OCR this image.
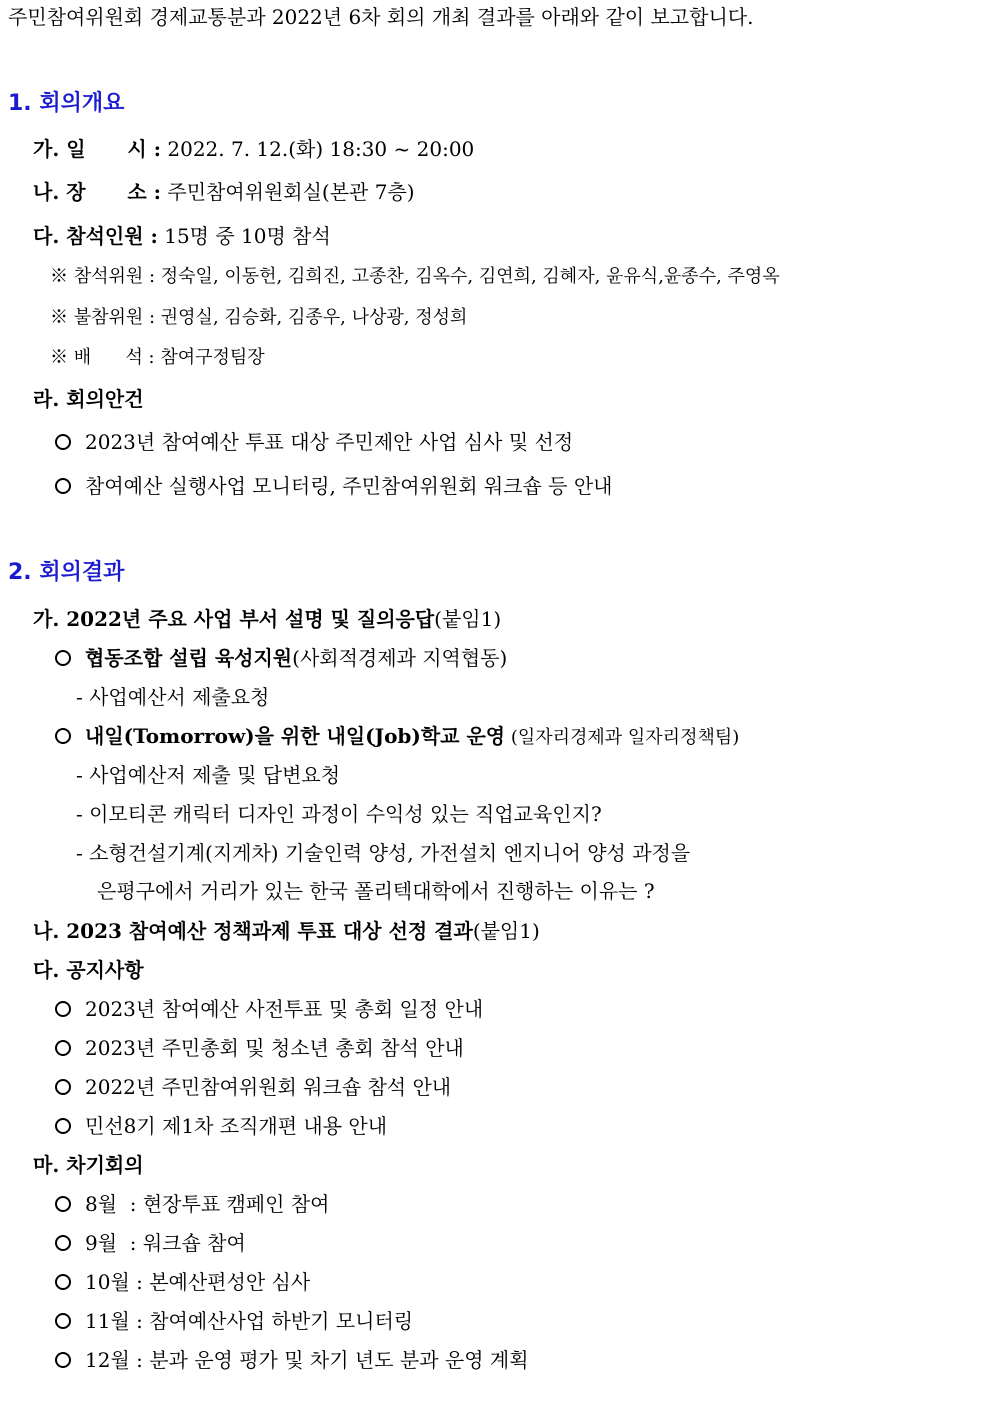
주민참여위원회 경제교통분과 2022년 6차 회의 개최 결과를 아래와 같이 보고합니다.
1. 회의개요
가. 일      시 : 2022. 7. 12.(화) 18:30 ~ 20:00
나. 장      소 : 주민참여위원회실(본관 7층)
다. 참석인원 : 15명 중 10명 참석
※ 참석위원 : 정숙일, 이동헌, 김희진, 고종찬, 김옥수, 김연희, 김혜자, 윤유식,윤종수, 주영옥
※ 불참위원 : 권영실, 김승화, 김종우, 나상광, 정성희
※ 배      석 : 참여구정팀장
라. 회의안건
2023년 참여예산 투표 대상 주민제안 사업 심사 및 선정
참여예산 실행사업 모니터링, 주민참여위원회 워크숍 등 안내
2. 회의결과
가. 2022년 주요 사업 부서 설명 및 질의응답(붙임1)
협동조합 설립 육성지원(사회적경제과 지역협동)
- 사업예산서 제출요청
내일(Tomorrow)을 위한 내일(Job)학교 운영 (일자리경제과 일자리정책팀)
- 사업예산저 제출 및 답변요청
- 이모티콘 캐릭터 디자인 과정이 수익성 있는 직업교육인지?
- 소형건설기계(지게차) 기술인력 양성, 가전설치 엔지니어 양성 과정을
은평구에서 거리가 있는 한국 폴리텍대학에서 진행하는 이유는 ?
나. 2023 참여예산 정책과제 투표 대상 선정 결과(붙임1)
다. 공지사항
2023년 참여예산 사전투표 및 총회 일정 안내
2023년 주민총회 및 청소년 총회 참석 안내
2022년 주민참여위원회 워크숍 참석 안내
민선8기 제1차 조직개편 내용 안내
마. 차기회의
8월  : 현장투표 캠페인 참여
9월  : 워크숍 참여
10월 : 본예산편성안 심사
11월 : 참여예산사업 하반기 모니터링
12월 : 분과 운영 평가 및 차기 년도 분과 운영 계획
